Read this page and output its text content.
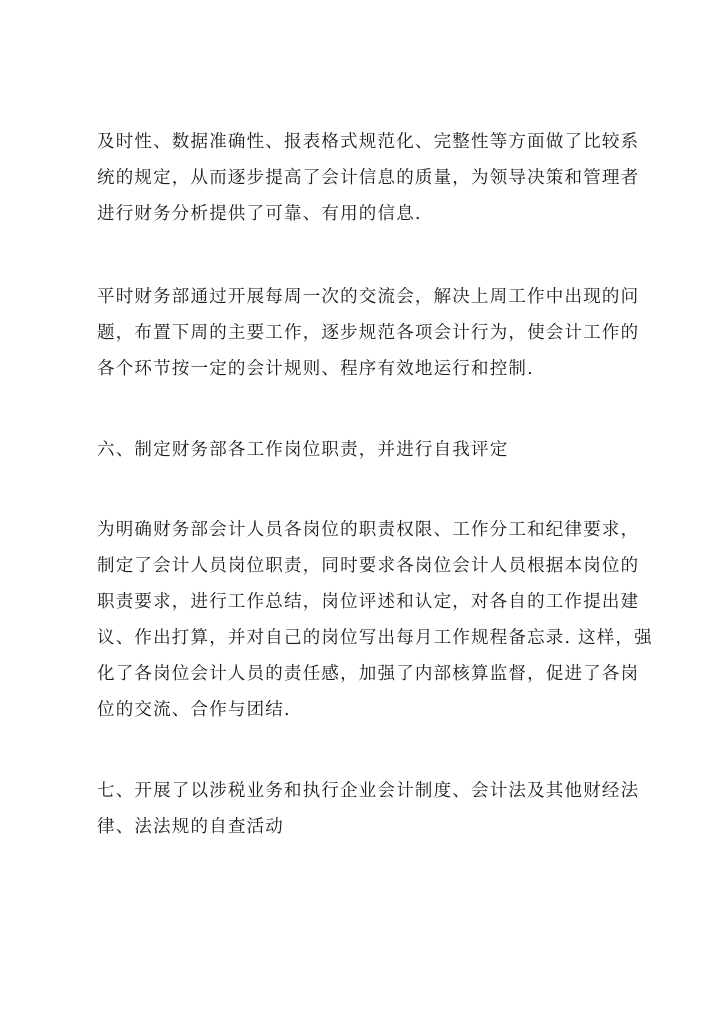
及时性、数据准确性、报表格式规范化、完整性等方面做了比较系统的规定，从而逐步提高了会计信息的质量，为领导决策和管理者进行财务分析提供了可靠、有用的信息.
平时财务部通过开展每周一次的交流会，解决上周工作中出现的问题，布置下周的主要工作，逐步规范各项会计行为，使会计工作的各个环节按一定的会计规则、程序有效地运行和控制.
六、制定财务部各工作岗位职责，并进行自我评定
为明确财务部会计人员各岗位的职责权限、工作分工和纪律要求，制定了会计人员岗位职责，同时要求各岗位会计人员根据本岗位的职责要求，进行工作总结，岗位评述和认定，对各自的工作提出建议、作出打算，并对自己的岗位写出每月工作规程备忘录. 这样，强化了各岗位会计人员的责任感，加强了内部核算监督，促进了各岗位的交流、合作与团结.
七、开展了以涉税业务和执行企业会计制度、会计法及其他财经法律、法法规的自查活动
